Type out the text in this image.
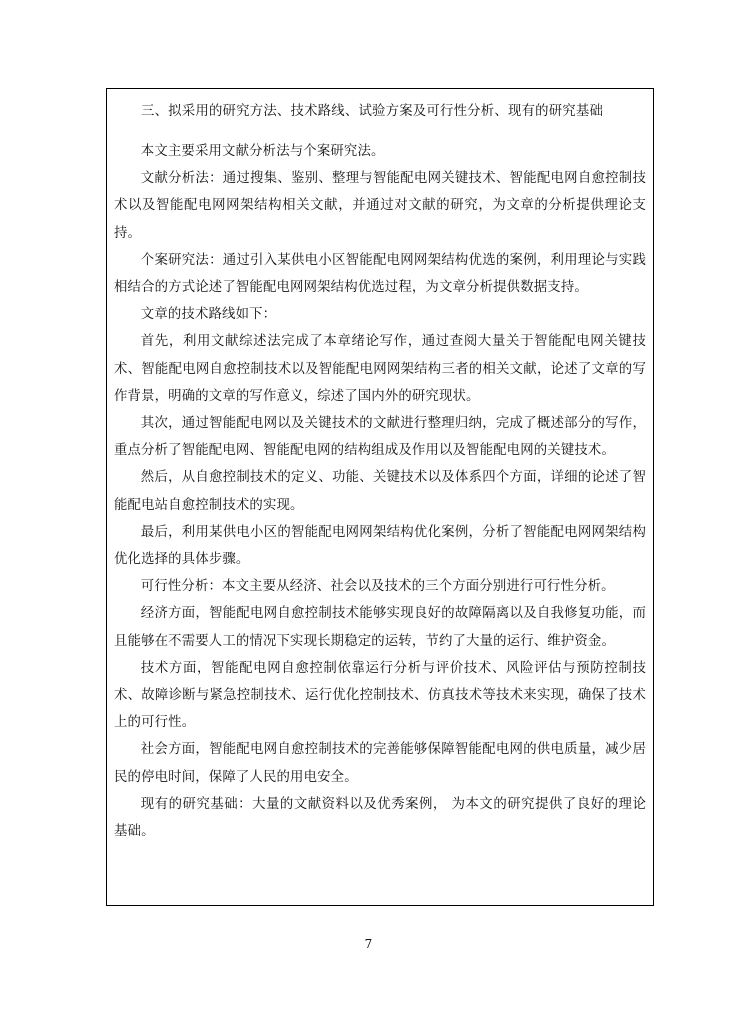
三、拟采用的研究方法、技术路线、试验方案及可行性分析、现有的研究基础

本文主要采用文献分析法与个案研究法。

文献分析法：通过搜集、鉴别、整理与智能配电网关键技术、智能配电网自愈控制技术以及智能配电网网架结构相关文献，并通过对文献的研究，为文章的分析提供理论支持。

个案研究法：通过引入某供电小区智能配电网网架结构优选的案例，利用理论与实践相结合的方式论述了智能配电网网架结构优选过程，为文章分析提供数据支持。

文章的技术路线如下：

首先，利用文献综述法完成了本章绪论写作，通过查阅大量关于智能配电网关键技术、智能配电网自愈控制技术以及智能配电网网架结构三者的相关文献，论述了文章的写作背景，明确的文章的写作意义，综述了国内外的研究现状。

其次，通过智能配电网以及关键技术的文献进行整理归纳，完成了概述部分的写作，重点分析了智能配电网、智能配电网的结构组成及作用以及智能配电网的关键技术。

然后，从自愈控制技术的定义、功能、关键技术以及体系四个方面，详细的论述了智能配电站自愈控制技术的实现。

最后，利用某供电小区的智能配电网网架结构优化案例，分析了智能配电网网架结构优化选择的具体步骤。

可行性分析：本文主要从经济、社会以及技术的三个方面分别进行可行性分析。

经济方面，智能配电网自愈控制技术能够实现良好的故障隔离以及自我修复功能，而且能够在不需要人工的情况下实现长期稳定的运转，节约了大量的运行、维护资金。

技术方面，智能配电网自愈控制依靠运行分析与评价技术、风险评估与预防控制技术、故障诊断与紧急控制技术、运行优化控制技术、仿真技术等技术来实现，确保了技术上的可行性。

社会方面，智能配电网自愈控制技术的完善能够保障智能配电网的供电质量，减少居民的停电时间，保障了人民的用电安全。

现有的研究基础：大量的文献资料以及优秀案例， 为本文的研究提供了良好的理论基础。

7
